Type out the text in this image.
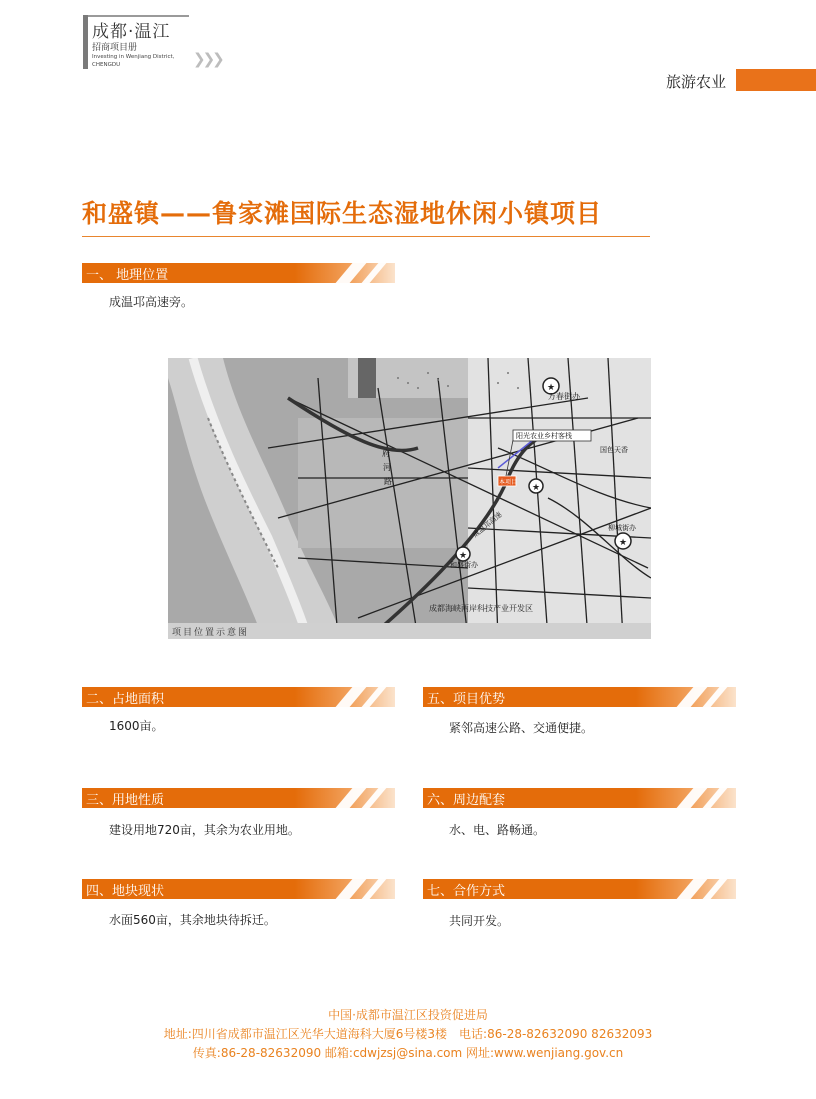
成都·温江
招商项目册
Investing in Wenjiang District,
CHENGDU	❯❯❯
旅游农业
和盛镇——鲁家滩国际生态湿地休闲小镇项目
一、 地理位置
成温邛高速旁。
★
★
★
★
万春街办
阳光农业乡村客栈
国色天香
本项目
成都海峡两岸科技产业开发区
成温邛高速
府
河
路
柳城街办
和盛街办
项目位置示意图
二、占地面积
1600亩。
五、项目优势
紧邻高速公路、交通便捷。
三、用地性质
建设用地720亩，其余为农业用地。
六、周边配套
水、电、路畅通。
四、地块现状
水面560亩，其余地块待拆迁。
七、合作方式
共同开发。
中国·成都市温江区投资促进局
地址:四川省成都市温江区光华大道海科大厦6号楼3楼　电话:86-28-82632090 82632093
传真:86-28-82632090 邮箱:cdwjzsj@sina.com 网址:www.wenjiang.gov.cn
